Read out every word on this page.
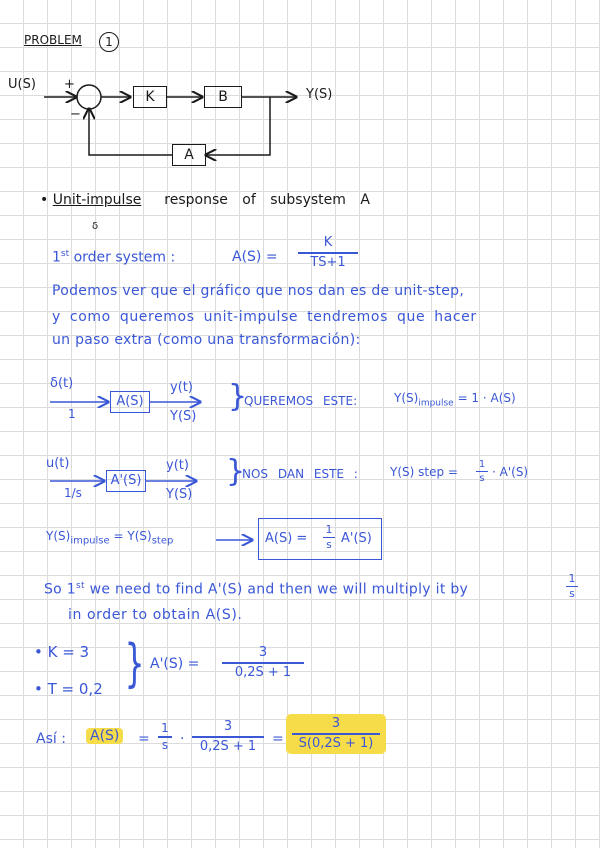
PROBLEM	1
U(S) +
−
K	B
A
Y(S)
• Unit-impulse response of subsystem A
δ
1st order system :	A(S) =
K
TS+1
Podemos ver que el gráfico que nos dan es de unit-step,
y como queremos unit-impulse tendremos que hacer
un paso extra (como una transformación):
δ(t)
1
A(S)
y(t)
Y(S)
}
QUEREMOS ESTE:	$Y(S)_{impulse} = 1 \cdot A(S)$
u(t)
1/s
A'(S)
y(t)
Y(S)
}
NOS DAN ESTE :	Y(S) step =
1
s · A'(S)
$Y(S)_{impulse} = Y(S)_{step}$	A(S) =
1
s A'(S)
So 1st we need to find A'(S) and then we will multiply it by
1
s
in order to obtain A(S).
• K = 3
• T = 0,2 } A'(S) =
3
0,2S + 1
Así : A(S) =
1
s ·
3
0,2S + 1	=
3
S(0,2S + 1)
